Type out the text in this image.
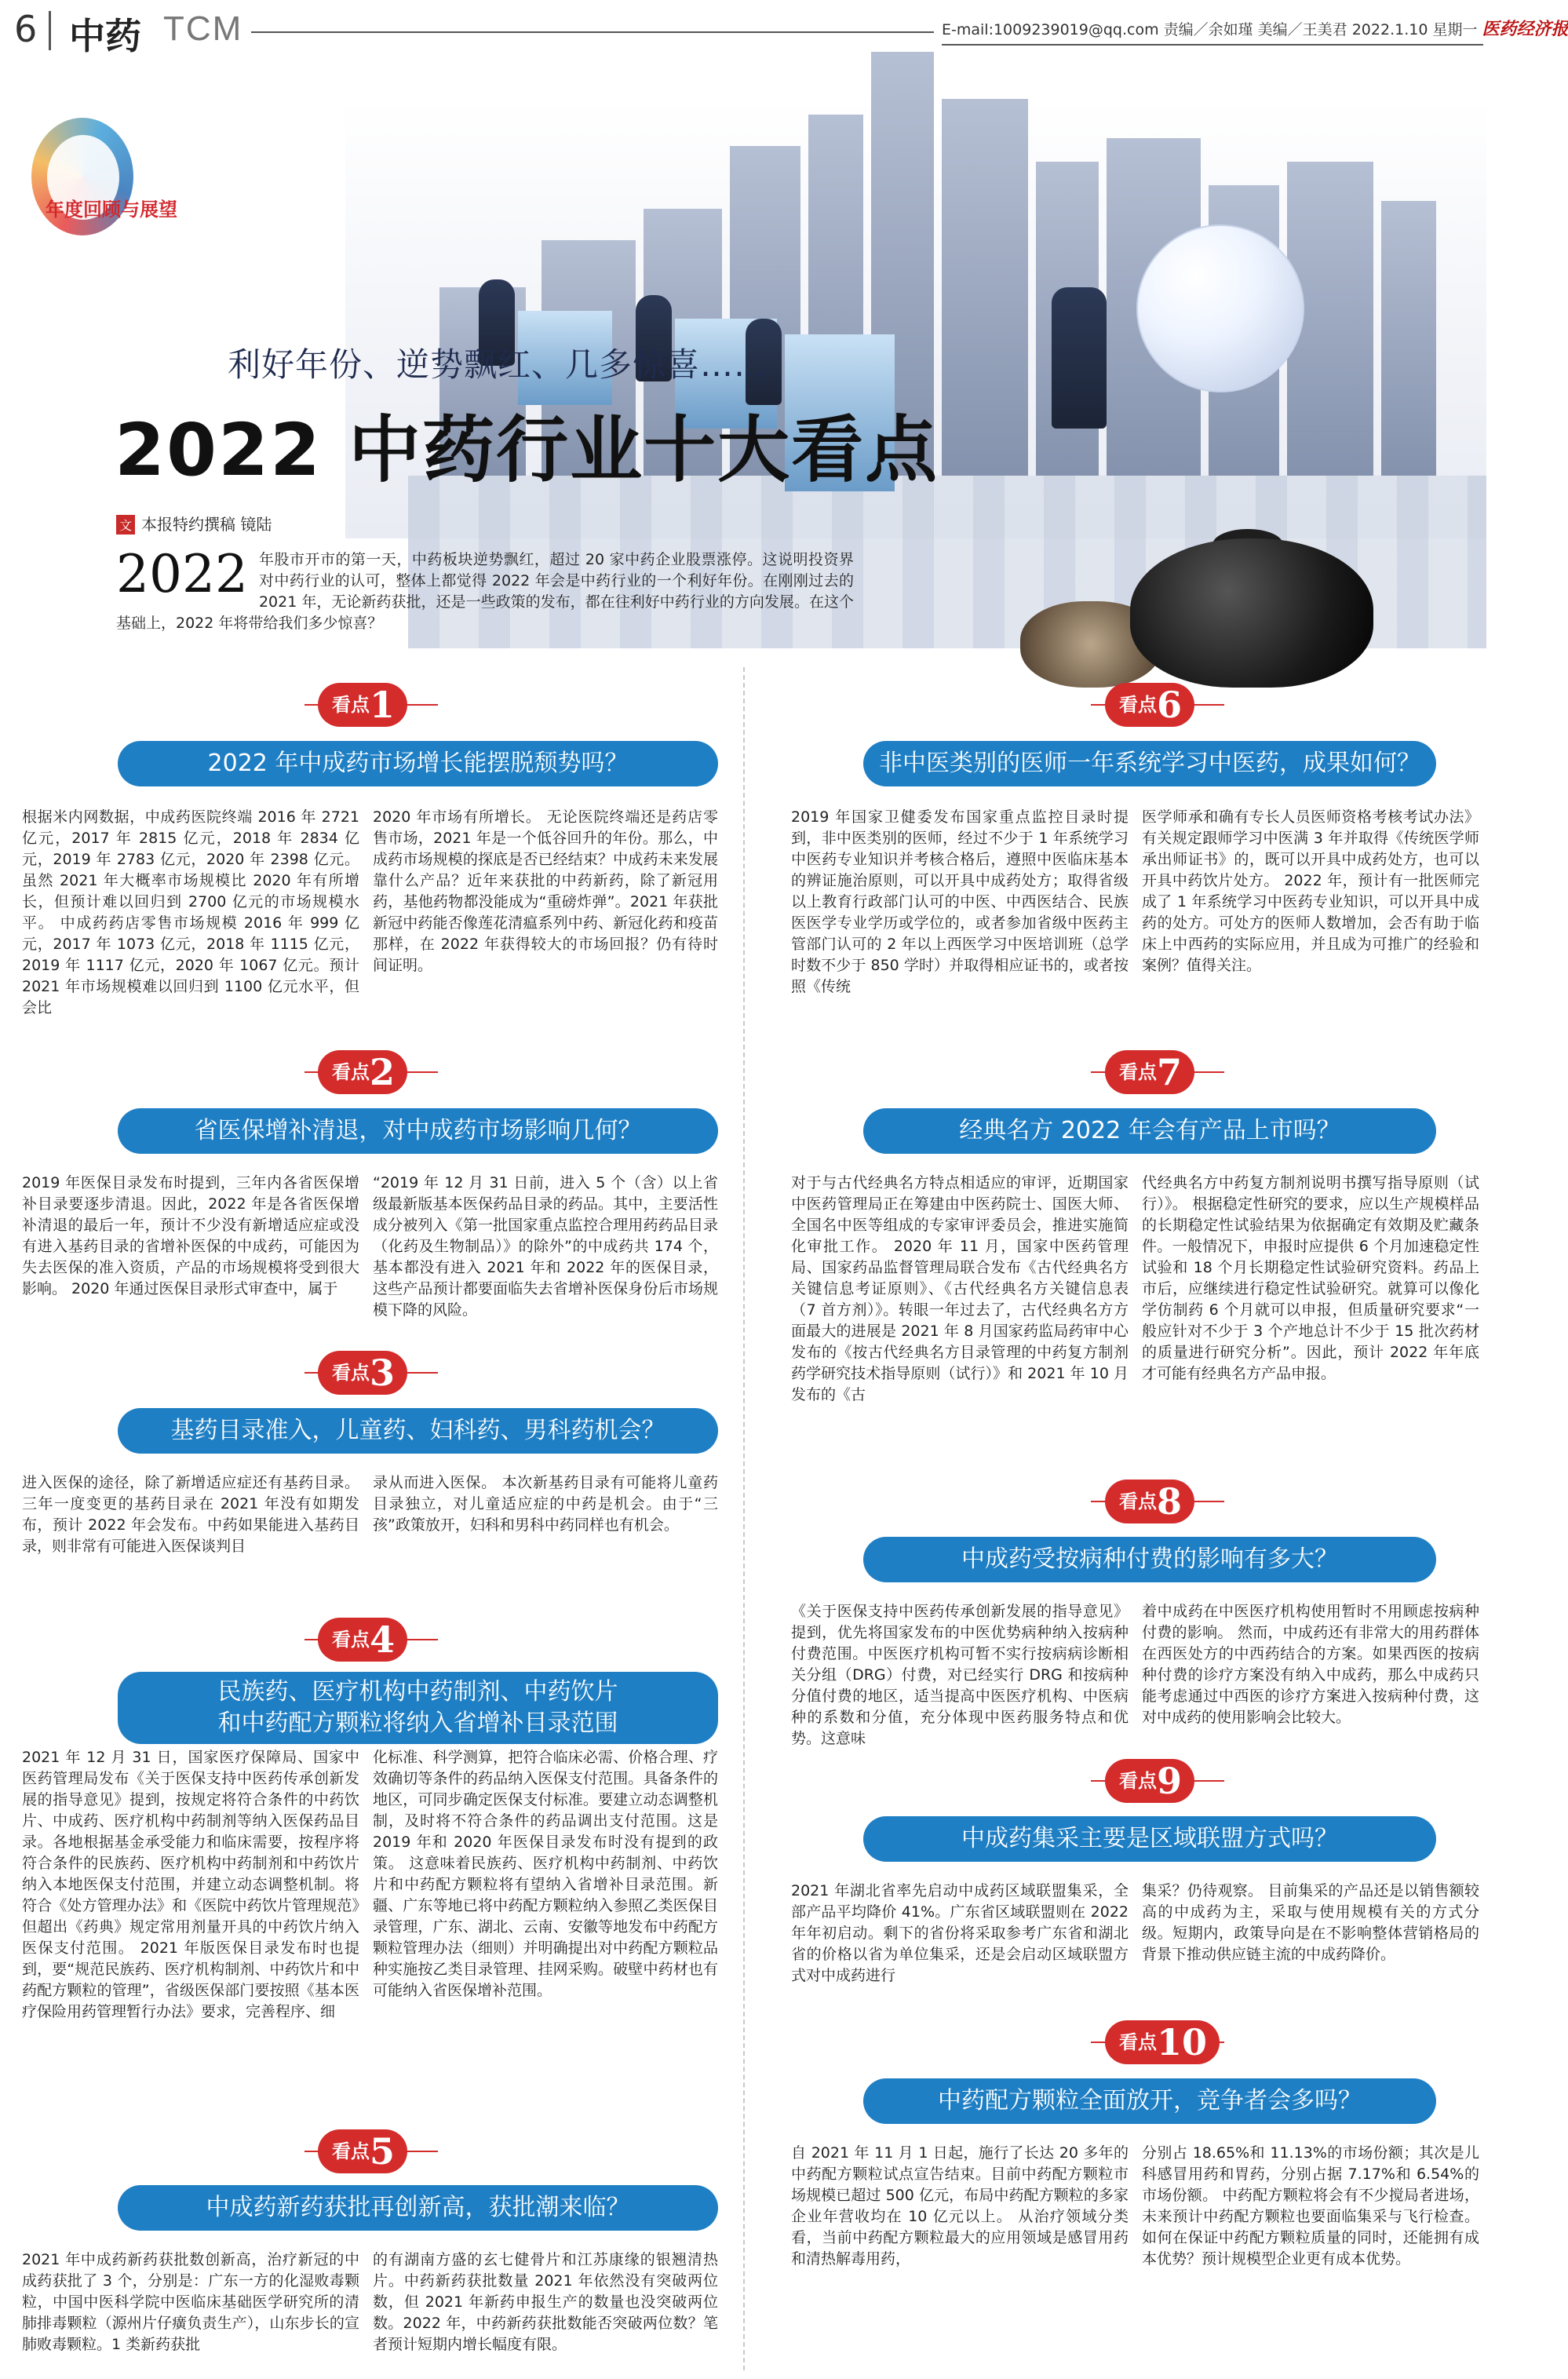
6 中药 TCM	E-mail:1009239019@qq.com 责编／余如瑾 美编／王美君 2022.1.10 星期一 医药经济报
年度回顾与展望
利好年份、逆势飘红、几多惊喜……
2022 中药行业十大看点
文 本报特约撰稿 镜陆
2022 年股市开市的第一天，中药板块逆势飘红，超过 20 家中药企业股票涨停。这说明投资界对中药行业的认可，整体上都觉得 2022 年会是中药行业的一个利好年份。在刚刚过去的 2021 年，无论新药获批，还是一些政策的发布，都在往利好中药行业的方向发展。在这个基础上，2022 年将带给我们多少惊喜？
看点1
2022 年中成药市场增长能摆脱颓势吗？
根据米内网数据，中成药医院终端 2016 年 2721 亿元，2017 年 2815 亿元，2018 年 2834 亿元，2019 年 2783 亿元，2020 年 2398 亿元。虽然 2021 年大概率市场规模比 2020 年有所增长，但预计难以回归到 2700 亿元的市场规模水平。 中成药药店零售市场规模 2016 年 999 亿元，2017 年 1073 亿元，2018 年 1115 亿元，2019 年 1117 亿元，2020 年 1067 亿元。预计 2021 年市场规模难以回归到 1100 亿元水平，但会比
2020 年市场有所增长。 无论医院终端还是药店零售市场，2021 年是一个低谷回升的年份。那么，中成药市场规模的探底是否已经结束？中成药未来发展靠什么产品？近年来获批的中药新药，除了新冠用药，基他药物都没能成为“重磅炸弹”。2021 年获批新冠中药能否像莲花清瘟系列中药、新冠化药和疫苗那样，在 2022 年获得较大的市场回报？仍有待时间证明。
看点2
省医保增补清退，对中成药市场影响几何？
2019 年医保目录发布时提到，三年内各省医保增补目录要逐步清退。因此，2022 年是各省医保增补清退的最后一年，预计不少没有新增适应症或没有进入基药目录的省增补医保的中成药，可能因为失去医保的准入资质，产品的市场规模将受到很大影响。 2020 年通过医保目录形式审查中，属于
“2019 年 12 月 31 日前，进入 5 个（含）以上省级最新版基本医保药品目录的药品。其中，主要活性成分被列入《第一批国家重点监控合理用药药品目录（化药及生物制品）》的除外”的中成药共 174 个，基本都没有进入 2021 年和 2022 年的医保目录，这些产品预计都要面临失去省增补医保身份后市场规模下降的风险。
看点3
基药目录准入，儿童药、妇科药、男科药机会？
进入医保的途径，除了新增适应症还有基药目录。三年一度变更的基药目录在 2021 年没有如期发布，预计 2022 年会发布。中药如果能进入基药目录，则非常有可能进入医保谈判目
录从而进入医保。 本次新基药目录有可能将儿童药目录独立，对儿童适应症的中药是机会。由于“三孩”政策放开，妇科和男科中药同样也有机会。
看点4
民族药、医疗机构中药制剂、中药饮片
和中药配方颗粒将纳入省增补目录范围
2021 年 12 月 31 日，国家医疗保障局、国家中医药管理局发布《关于医保支持中医药传承创新发展的指导意见》提到，按规定将符合条件的中药饮片、中成药、医疗机构中药制剂等纳入医保药品目录。各地根据基金承受能力和临床需要，按程序将符合条件的民族药、医疗机构中药制剂和中药饮片纳入本地医保支付范围，并建立动态调整机制。将符合《处方管理办法》和《医院中药饮片管理规范》但超出《药典》规定常用剂量开具的中药饮片纳入医保支付范围。 2021 年版医保目录发布时也提到，要“规范民族药、医疗机构制剂、中药饮片和中药配方颗粒的管理”，省级医保部门要按照《基本医疗保险用药管理暂行办法》要求，完善程序、细
化标准、科学测算，把符合临床必需、价格合理、疗效确切等条件的药品纳入医保支付范围。具备条件的地区，可同步确定医保支付标准。要建立动态调整机制，及时将不符合条件的药品调出支付范围。这是 2019 年和 2020 年医保目录发布时没有提到的政策。 这意味着民族药、医疗机构中药制剂、中药饮片和中药配方颗粒将有望纳入省增补目录范围。新疆、广东等地已将中药配方颗粒纳入参照乙类医保目录管理，广东、湖北、云南、安徽等地发布中药配方颗粒管理办法（细则）并明确提出对中药配方颗粒品种实施按乙类目录管理、挂网采购。破壁中药材也有可能纳入省医保增补范围。
看点5
中成药新药获批再创新高，获批潮来临？
2021 年中成药新药获批数创新高，治疗新冠的中成药获批了 3 个，分别是：广东一方的化湿败毒颗粒，中国中医科学院中医临床基础医学研究所的清肺排毒颗粒（源州片仔癀负责生产），山东步长的宣肺败毒颗粒。1 类新药获批
的有湖南方盛的玄七健骨片和江苏康缘的银翘清热片。中药新药获批数量 2021 年依然没有突破两位数，但 2021 年新药申报生产的数量也没突破两位数。2022 年，中药新药获批数能否突破两位数？笔者预计短期内增长幅度有限。
看点6
非中医类别的医师一年系统学习中医药，成果如何？
2019 年国家卫健委发布国家重点监控目录时提到，非中医类别的医师，经过不少于 1 年系统学习中医药专业知识并考核合格后，遵照中医临床基本的辨证施治原则，可以开具中成药处方；取得省级以上教育行政部门认可的中医、中西医结合、民族医医学专业学历或学位的，或者参加省级中医药主管部门认可的 2 年以上西医学习中医培训班（总学时数不少于 850 学时）并取得相应证书的，或者按照《传统
医学师承和确有专长人员医师资格考核考试办法》有关规定跟师学习中医满 3 年并取得《传统医学师承出师证书》的，既可以开具中成药处方，也可以开具中药饮片处方。 2022 年，预计有一批医师完成了 1 年系统学习中医药专业知识，可以开具中成药的处方。可处方的医师人数增加，会否有助于临床上中西药的实际应用，并且成为可推广的经验和案例？值得关注。
看点7
经典名方 2022 年会有产品上市吗？
对于与古代经典名方特点相适应的审评，近期国家中医药管理局正在筹建由中医药院士、国医大师、全国名中医等组成的专家审评委员会，推进实施简化审批工作。 2020 年 11 月，国家中医药管理局、国家药品监督管理局联合发布《古代经典名方关键信息考证原则》、《古代经典名方关键信息表（7 首方剂）》。转眼一年过去了，古代经典名方方面最大的进展是 2021 年 8 月国家药监局药审中心发布的《按古代经典名方目录管理的中药复方制剂药学研究技术指导原则（试行）》和 2021 年 10 月发布的《古
代经典名方中药复方制剂说明书撰写指导原则（试行）》。 根据稳定性研究的要求，应以生产规模样品的长期稳定性试验结果为依据确定有效期及贮藏条件。一般情况下，申报时应提供 6 个月加速稳定性试验和 18 个月长期稳定性试验研究资料。药品上市后，应继续进行稳定性试验研究。就算可以像化学仿制药 6 个月就可以申报，但质量研究要求“一般应针对不少于 3 个产地总计不少于 15 批次药材的质量进行研究分析”。因此，预计 2022 年年底才可能有经典名方产品申报。
看点8
中成药受按病种付费的影响有多大？
《关于医保支持中医药传承创新发展的指导意见》提到，优先将国家发布的中医优势病种纳入按病种付费范围。中医医疗机构可暂不实行按病病诊断相关分组（DRG）付费，对已经实行 DRG 和按病种分值付费的地区，适当提高中医医疗机构、中医病种的系数和分值，充分体现中医药服务特点和优势。这意味
着中成药在中医医疗机构使用暂时不用顾虑按病种付费的影响。 然而，中成药还有非常大的用药群体在西医处方的中西药结合的方案。如果西医的按病种付费的诊疗方案没有纳入中成药，那么中成药只能考虑通过中西医的诊疗方案进入按病种付费，这对中成药的使用影响会比较大。
看点9
中成药集采主要是区域联盟方式吗？
2021 年湖北省率先启动中成药区域联盟集采，全部产品平均降价 41%。广东省区域联盟则在 2022 年年初启动。剩下的省份将采取参考广东省和湖北省的价格以省为单位集采，还是会启动区域联盟方式对中成药进行
集采？仍待观察。 目前集采的产品还是以销售额较高的中成药为主，采取与使用规模有关的方式分级。短期内，政策导向是在不影响整体营销格局的背景下推动供应链主流的中成药降价。
看点10
中药配方颗粒全面放开，竞争者会多吗？
自 2021 年 11 月 1 日起，施行了长达 20 多年的中药配方颗粒试点宣告结束。目前中药配方颗粒市场规模已超过 500 亿元，布局中药配方颗粒的多家企业年营收均在 10 亿元以上。 从治疗领域分类看，当前中药配方颗粒最大的应用领域是感冒用药和清热解毒用药，
分别占 18.65%和 11.13%的市场份额；其次是儿科感冒用药和胃药，分别占据 7.17%和 6.54%的市场份额。 中药配方颗粒将会有不少搅局者进场，未来预计中药配方颗粒也要面临集采与飞行检查。如何在保证中药配方颗粒质量的同时，还能拥有成本优势？预计规模型企业更有成本优势。
